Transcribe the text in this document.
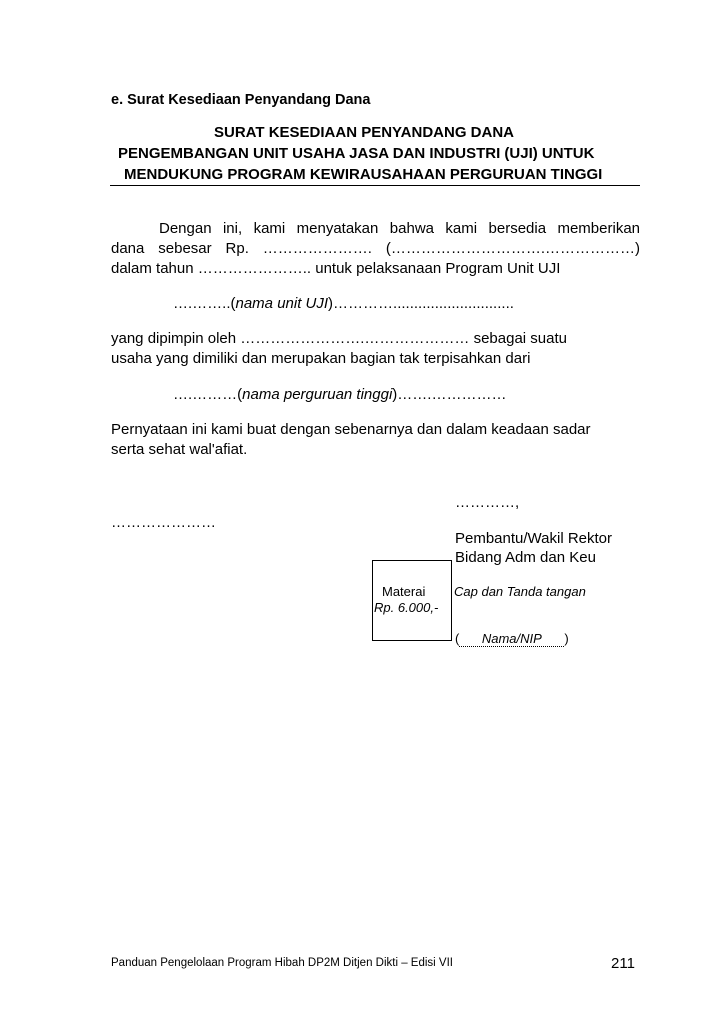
e. Surat Kesediaan Penyandang Dana
SURAT KESEDIAAN PENYANDANG DANA
PENGEMBANGAN UNIT USAHA JASA DAN INDUSTRI (UJI) UNTUK
MENDUKUNG PROGRAM KEWIRAUSAHAAN PERGURUAN TINGGI
Dengan ini, kami menyatakan bahwa kami bersedia memberikan
dana sebesar Rp. …………………. (………………………….………………)
dalam tahun ………………….. untuk pelaksanaan Program Unit UJI
….……..(nama unit UJI)………….............................
yang dipimpin oleh …………………….………………… sebagai suatu
usaha yang dimiliki dan merupakan bagian tak terpisahkan dari
….………(nama perguruan tinggi)…….……………
Pernyataan ini kami buat dengan sebenarnya dan dalam keadaan sadar
serta sehat wal'afiat.
…………,
…………………
Pembantu/Wakil Rektor
Bidang Adm dan Keu
Materai
Rp. 6.000,-
Cap dan Tanda tangan
( Nama/NIP )
Panduan Pengelolaan Program Hibah DP2M Ditjen Dikti – Edisi VII	211
